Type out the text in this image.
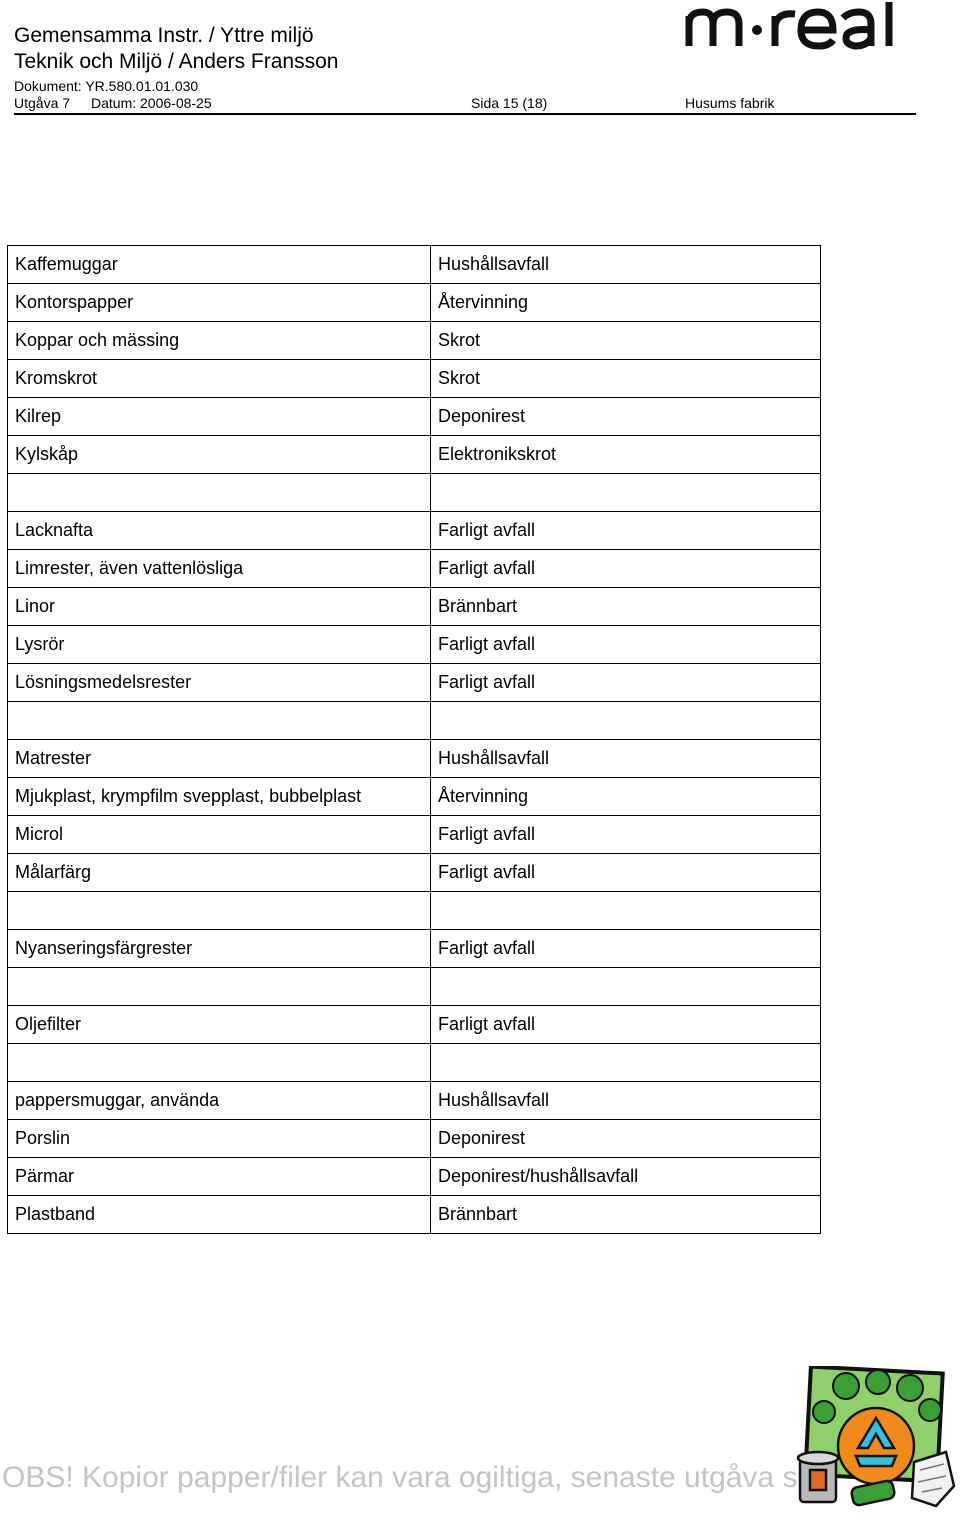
Gemensamma Instr. / Yttre miljö
Teknik och Miljö / Anders Fransson
Dokument: YR.580.01.01.030
Utgåva 7 Datum: 2006-08-25	Sida 15 (18)	Husums fabrik
Kaffemuggar	Hushållsavfall
Kontorspapper	Återvinning
Koppar och mässing	Skrot
Kromskrot	Skrot
Kilrep	Deponirest
Kylskåp	Elektronikskrot

Lacknafta	Farligt avfall
Limrester, även vattenlösliga	Farligt avfall
Linor	Brännbart
Lysrör	Farligt avfall
Lösningsmedelsrester	Farligt avfall

Matrester	Hushållsavfall
Mjukplast, krympfilm svepplast, bubbelplast	Återvinning
Microl	Farligt avfall
Målarfärg	Farligt avfall

Nyanseringsfärgrester	Farligt avfall

Oljefilter	Farligt avfall

pappersmuggar, använda	Hushållsavfall
Porslin	Deponirest
Pärmar	Deponirest/hushållsavfall
Plastband	Brännbart
OBS! Kopior papper/filer kan vara ogiltiga, senaste utgåva s
